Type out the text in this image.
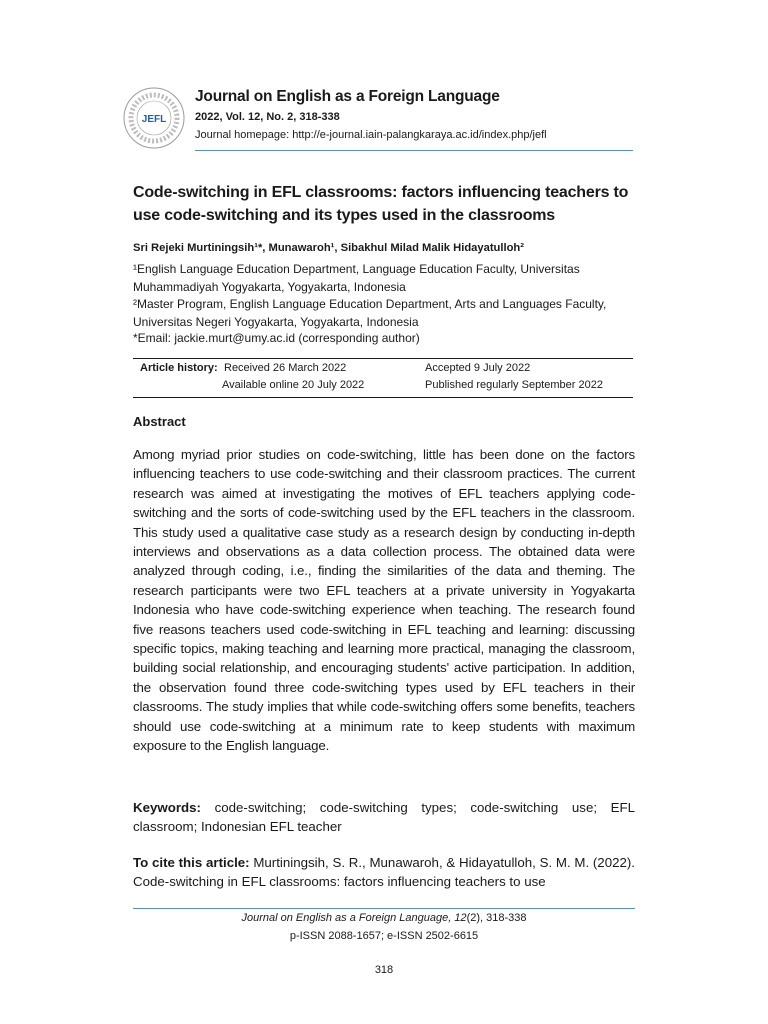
JEFL
Journal on English as a Foreign Language
2022, Vol. 12, No. 2, 318-338
Journal homepage: http://e-journal.iain-palangkaraya.ac.id/index.php/jefl
Code-switching in EFL classrooms: factors influencing teachers to
use code-switching and its types used in the classrooms
Sri Rejeki Murtiningsih¹*, Munawaroh¹, Sibakhul Milad Malik Hidayatulloh²
¹English Language Education Department, Language Education Faculty, Universitas Muhammadiyah Yogyakarta, Yogyakarta, Indonesia
²Master Program, English Language Education Department, Arts and Languages Faculty, Universitas Negeri Yogyakarta, Yogyakarta, Indonesia
*Email: jackie.murt@umy.ac.id (corresponding author)
Article history: Received 26 March 2022
Available online 20 July 2022
Accepted 9 July 2022
Published regularly September 2022
Abstract
Among myriad prior studies on code-switching, little has been done on the factors influencing teachers to use code-switching and their classroom practices. The current research was aimed at investigating the motives of EFL teachers applying code-switching and the sorts of code-switching used by the EFL teachers in the classroom. This study used a qualitative case study as a research design by conducting in-depth interviews and observations as a data collection process. The obtained data were analyzed through coding, i.e., finding the similarities of the data and theming. The research participants were two EFL teachers at a private university in Yogyakarta Indonesia who have code-switching experience when teaching. The research found five reasons teachers used code-switching in EFL teaching and learning: discussing specific topics, making teaching and learning more practical, managing the classroom, building social relationship, and encouraging students' active participation. In addition, the observation found three code-switching types used by EFL teachers in their classrooms. The study implies that while code-switching offers some benefits, teachers should use code-switching at a minimum rate to keep students with maximum exposure to the English language.
Keywords: code-switching; code-switching types; code-switching use; EFL classroom; Indonesian EFL teacher
To cite this article: Murtiningsih, S. R., Munawaroh, & Hidayatulloh, S. M. M. (2022). Code-switching in EFL classrooms: factors influencing teachers to use
Journal on English as a Foreign Language, 12(2), 318-338
p-ISSN 2088-1657; e-ISSN 2502-6615
318
